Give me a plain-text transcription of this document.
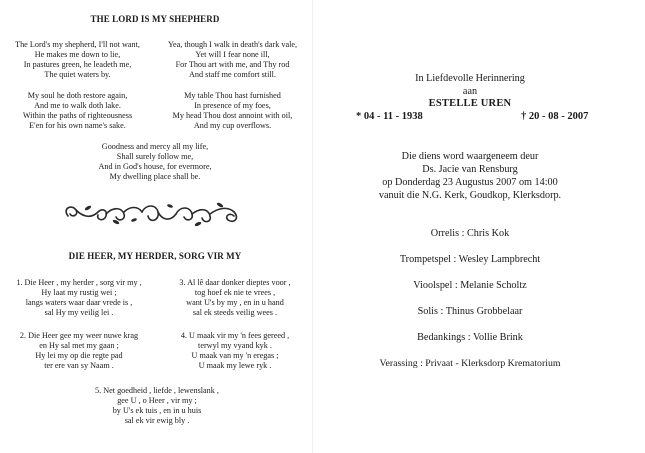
THE LORD IS MY SHEPHERD
The Lord's my shepherd, I'll not want,
He makes me down to lie,
In pastures green, he leadeth me,
The quiet waters by.
My soul he doth restore again,
And me to walk doth lake.
Within the paths of righteousness
E'en for his own name's sake.
Yea, though I walk in death's dark vale,
Yet will I fear none ill,
For Thou art with me, and Thy rod
And staff me comfort still.
My table Thou hast furnished
In presence of my foes,
My head Thou dost annoint with oil,
And my cup overflows.
Goodness and mercy all my life,
Shall surely follow me,
And in God's house, for evermore,
My dwelling place shall be.
DIE HEER, MY HERDER, SORG VIR MY
1. Die Heer , my herder , sorg vir my ,
Hy laat my rustig wei ;
langs waters waar daar vrede is ,
sal Hy my veilig lei .
2. Die Heer gee my weer nuwe krag
en Hy sal met my gaan ;
Hy lei my op die regte pad
ter ere van sy Naam .
3. Al lê daar donker dieptes voor ,
tog hoef ek nie te vrees ,
want U's by my , en in u hand
sal ek steeds veilig wees .
4. U maak vir my 'n fees gereed ,
terwyl my vyand kyk .
U maak van my 'n eregas ;
U maak my lewe ryk .
5. Net goedheid , liefde , lewenslank ,
gee U , o Heer , vir my ;
by U's ek tuis , en in u huis
sal ek vir ewig bly .
In Liefdevolle Herinnering
aan
ESTELLE UREN
* 04 - 11 - 1938	† 20 - 08 - 2007
Die diens word waargeneem deur
Ds. Jacie van Rensburg
op Donderdag 23 Augustus 2007 om 14:00
vanuit die N.G. Kerk, Goudkop, Klerksdorp.
Orrelis : Chris Kok
Trompetspel : Wesley Lampbrecht
Vioolspel : Melanie Scholtz
Solis : Thinus Grobbelaar
Bedankings : Vollie Brink
Verassing : Privaat - Klerksdorp Krematorium
